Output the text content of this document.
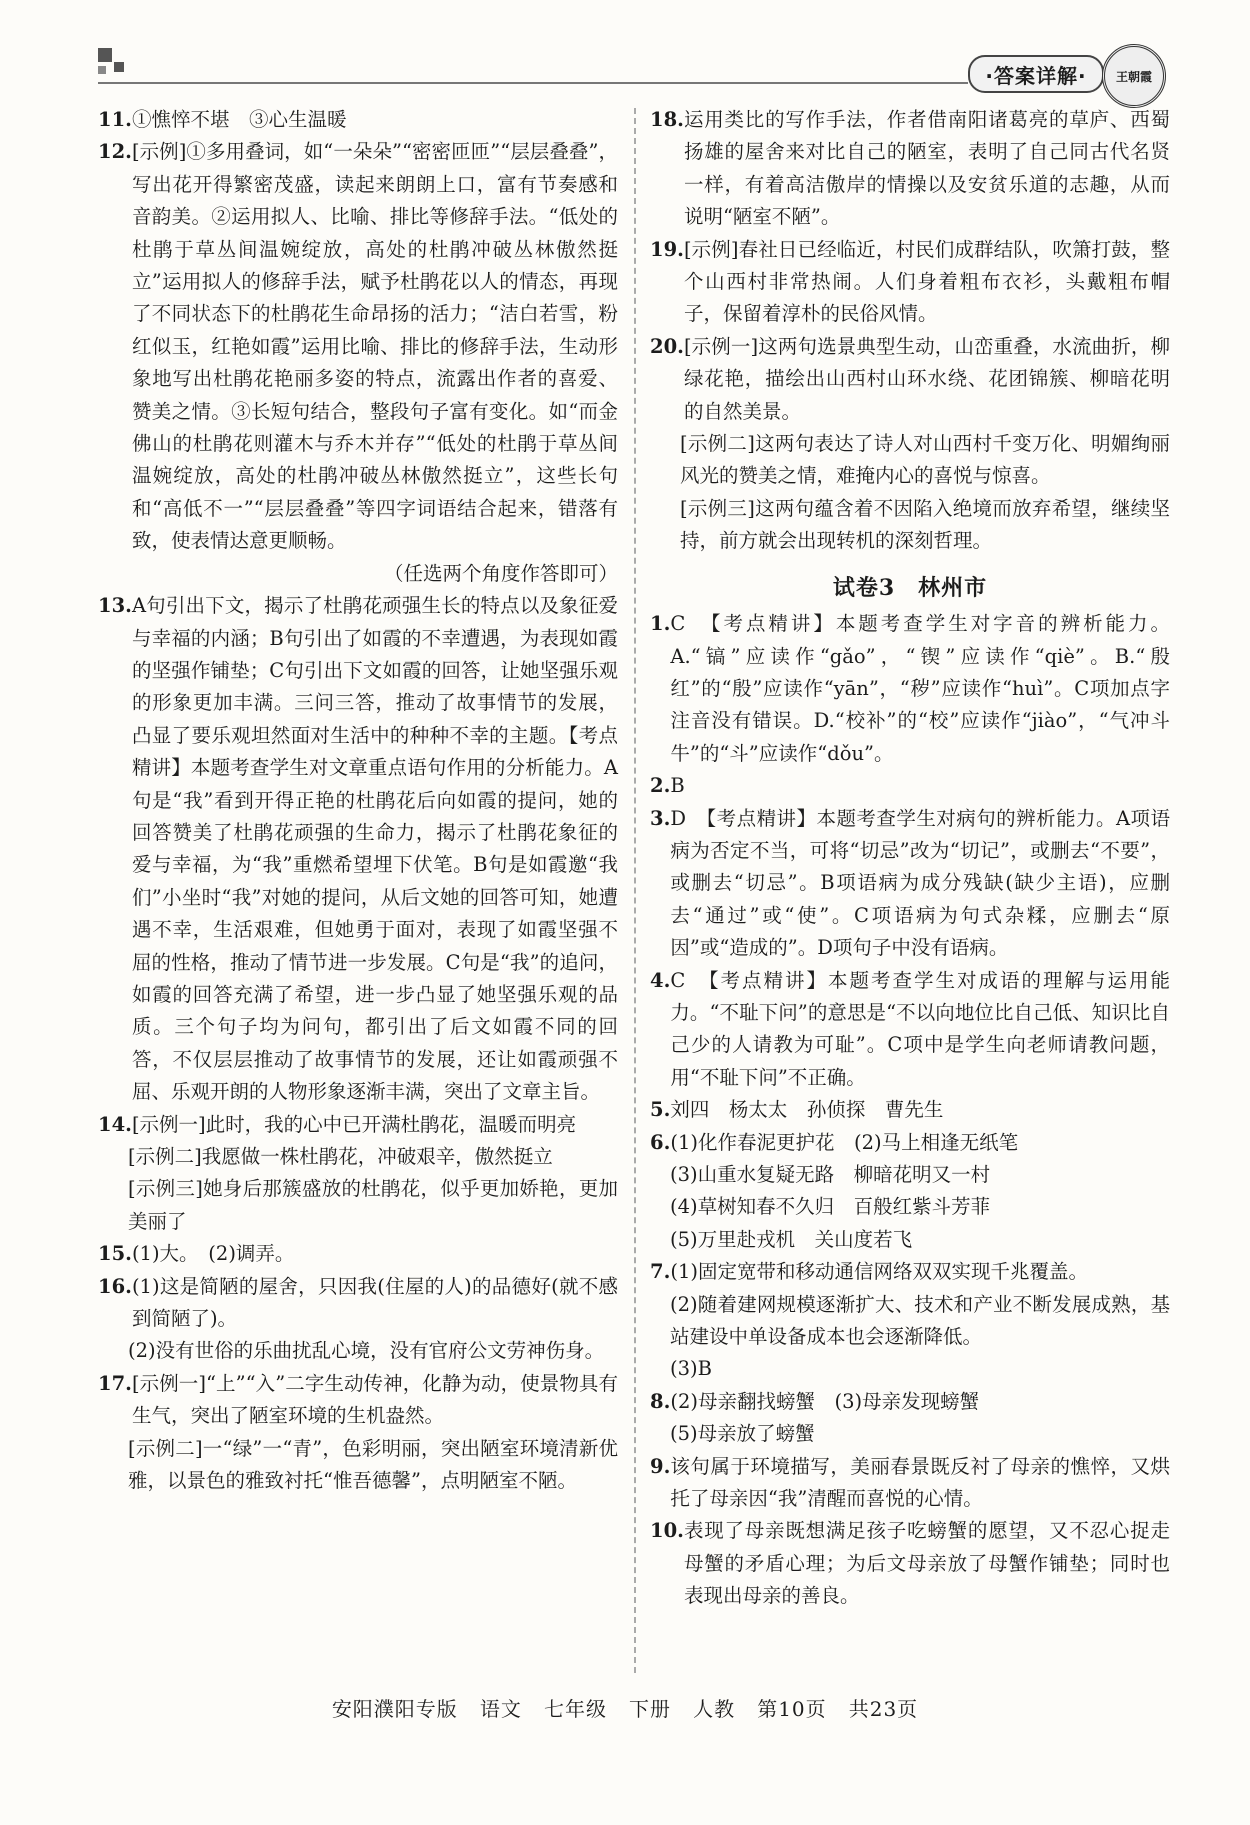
·答案详解·	王朝霞
11. ①憔悴不堪　③心生温暖
12. [示例]①多用叠词，如“一朵朵”“密密匝匝”“层层叠叠”，写出花开得繁密茂盛，读起来朗朗上口，富有节奏感和音韵美。②运用拟人、比喻、排比等修辞手法。“低处的杜鹃于草丛间温婉绽放，高处的杜鹃冲破丛林傲然挺立”运用拟人的修辞手法，赋予杜鹃花以人的情态，再现了不同状态下的杜鹃花生命昂扬的活力；“洁白若雪，粉红似玉，红艳如霞”运用比喻、排比的修辞手法，生动形象地写出杜鹃花艳丽多姿的特点，流露出作者的喜爱、赞美之情。③长短句结合，整段句子富有变化。如“而金佛山的杜鹃花则灌木与乔木并存”“低处的杜鹃于草丛间温婉绽放，高处的杜鹃冲破丛林傲然挺立”，这些长句和“高低不一”“层层叠叠”等四字词语结合起来，错落有致，使表情达意更顺畅。
（任选两个角度作答即可）
13. A句引出下文，揭示了杜鹃花顽强生长的特点以及象征爱与幸福的内涵；B句引出了如霞的不幸遭遇，为表现如霞的坚强作铺垫；C句引出下文如霞的回答，让她坚强乐观的形象更加丰满。三问三答，推动了故事情节的发展，凸显了要乐观坦然面对生活中的种种不幸的主题。【考点精讲】本题考查学生对文章重点语句作用的分析能力。A句是“我”看到开得正艳的杜鹃花后向如霞的提问，她的回答赞美了杜鹃花顽强的生命力，揭示了杜鹃花象征的爱与幸福，为“我”重燃希望埋下伏笔。B句是如霞邀“我们”小坐时“我”对她的提问，从后文她的回答可知，她遭遇不幸，生活艰难，但她勇于面对，表现了如霞坚强不屈的性格，推动了情节进一步发展。C句是“我”的追问，如霞的回答充满了希望，进一步凸显了她坚强乐观的品质。三个句子均为问句，都引出了后文如霞不同的回答，不仅层层推动了故事情节的发展，还让如霞顽强不屈、乐观开朗的人物形象逐渐丰满，突出了文章主旨。
14. [示例一]此时，我的心中已开满杜鹃花，温暖而明亮
[示例二]我愿做一株杜鹃花，冲破艰辛，傲然挺立
[示例三]她身后那簇盛放的杜鹃花，似乎更加娇艳，更加美丽了
15. (1)大。　(2)调弄。
16. (1)这是简陋的屋舍，只因我(住屋的人)的品德好(就不感到简陋了)。
(2)没有世俗的乐曲扰乱心境，没有官府公文劳神伤身。
17. [示例一]“上”“入”二字生动传神，化静为动，使景物具有生气，突出了陋室环境的生机盎然。
[示例二]一“绿”一“青”，色彩明丽，突出陋室环境清新优雅，以景色的雅致衬托“惟吾德馨”，点明陋室不陋。
18. 运用类比的写作手法，作者借南阳诸葛亮的草庐、西蜀扬雄的屋舍来对比自己的陋室，表明了自己同古代名贤一样，有着高洁傲岸的情操以及安贫乐道的志趣，从而说明“陋室不陋”。
19. [示例]春社日已经临近，村民们成群结队，吹箫打鼓，整个山西村非常热闹。人们身着粗布衣衫，头戴粗布帽子，保留着淳朴的民俗风情。
20. [示例一]这两句选景典型生动，山峦重叠，水流曲折，柳绿花艳，描绘出山西村山环水绕、花团锦簇、柳暗花明的自然美景。
[示例二]这两句表达了诗人对山西村千变万化、明媚绚丽风光的赞美之情，难掩内心的喜悦与惊喜。
[示例三]这两句蕴含着不因陷入绝境而放弃希望，继续坚持，前方就会出现转机的深刻哲理。
试卷3　林州市
1. C　【考点精讲】本题考查学生对字音的辨析能力。A.“镐”应读作“gǎo”，“锲”应读作“qiè”。B.“殷红”的“殷”应读作“yān”，“秽”应读作“huì”。C项加点字注音没有错误。D.“校补”的“校”应读作“jiào”，“气冲斗牛”的“斗”应读作“dǒu”。
2. B
3. D　【考点精讲】本题考查学生对病句的辨析能力。A项语病为否定不当，可将“切忌”改为“切记”，或删去“不要”，或删去“切忌”。B项语病为成分残缺(缺少主语)，应删去“通过”或“使”。C项语病为句式杂糅，应删去“原因”或“造成的”。D项句子中没有语病。
4. C　【考点精讲】本题考查学生对成语的理解与运用能力。“不耻下问”的意思是“不以向地位比自己低、知识比自己少的人请教为可耻”。C项中是学生向老师请教问题，用“不耻下问”不正确。
5. 刘四　杨太太　孙侦探　曹先生
6. (1)化作春泥更护花　(2)马上相逢无纸笔
(3)山重水复疑无路　柳暗花明又一村
(4)草树知春不久归　百般红紫斗芳菲
(5)万里赴戎机　关山度若飞
7. (1)固定宽带和移动通信网络双双实现千兆覆盖。
(2)随着建网规模逐渐扩大、技术和产业不断发展成熟，基站建设中单设备成本也会逐渐降低。
(3)B
8. (2)母亲翻找螃蟹　(3)母亲发现螃蟹
(5)母亲放了螃蟹
9. 该句属于环境描写，美丽春景既反衬了母亲的憔悴，又烘托了母亲因“我”清醒而喜悦的心情。
10. 表现了母亲既想满足孩子吃螃蟹的愿望，又不忍心捉走母蟹的矛盾心理；为后文母亲放了母蟹作铺垫；同时也表现出母亲的善良。
安阳濮阳专版 语文 七年级 下册 人教 第10页 共23页
